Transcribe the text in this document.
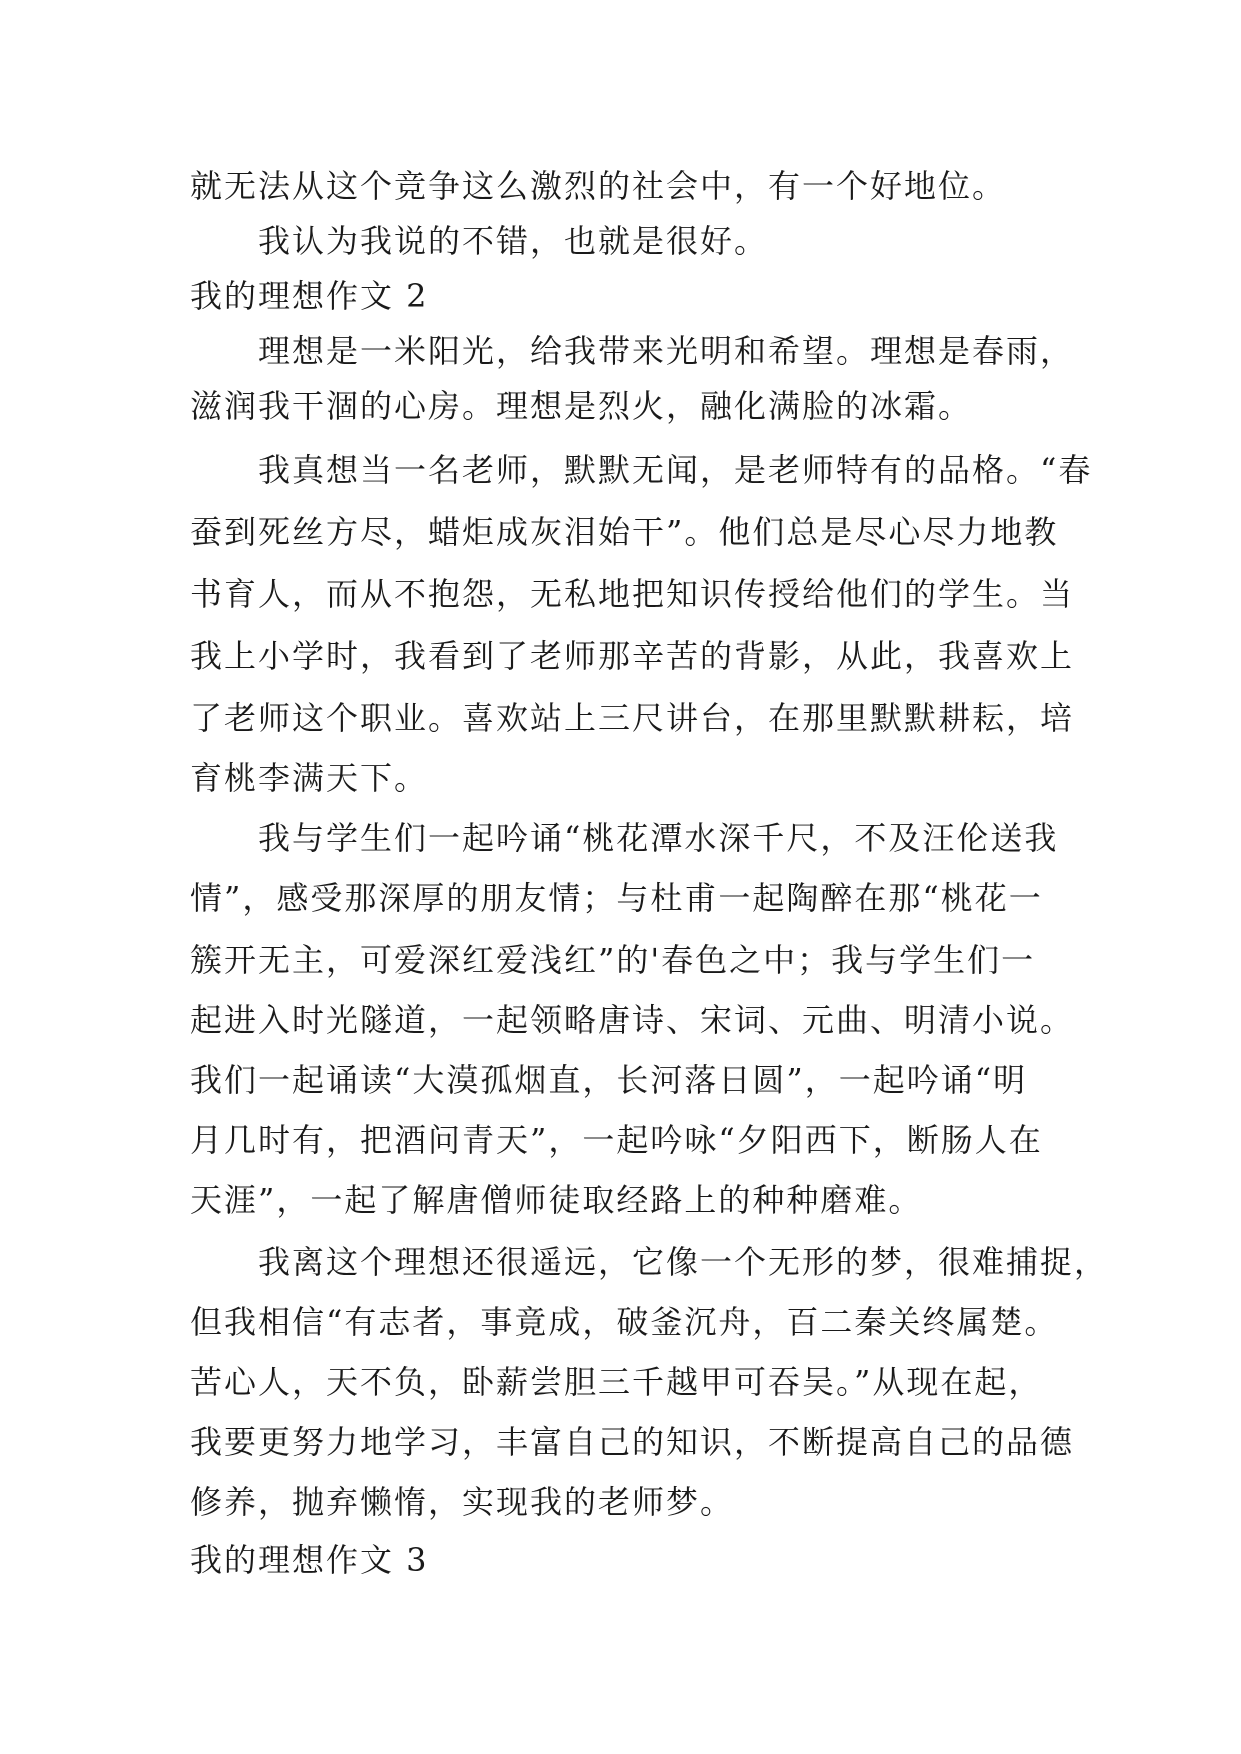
就无法从这个竞争这么激烈的社会中，有一个好地位。
我认为我说的不错，也就是很好。
我的理想作文 2
理想是一米阳光，给我带来光明和希望。理想是春雨，
滋润我干涸的心房。理想是烈火，融化满脸的冰霜。
我真想当一名老师，默默无闻，是老师特有的品格。“春
蚕到死丝方尽，蜡炬成灰泪始干”。他们总是尽心尽力地教
书育人，而从不抱怨，无私地把知识传授给他们的学生。当
我上小学时，我看到了老师那辛苦的背影，从此，我喜欢上
了老师这个职业。喜欢站上三尺讲台，在那里默默耕耘，培
育桃李满天下。
我与学生们一起吟诵“桃花潭水深千尺，不及汪伦送我
情”，感受那深厚的朋友情；与杜甫一起陶醉在那“桃花一
簇开无主，可爱深红爱浅红”的'春色之中；我与学生们一
起进入时光隧道，一起领略唐诗、宋词、元曲、明清小说。
我们一起诵读“大漠孤烟直，长河落日圆”，一起吟诵“明
月几时有，把酒问青天”，一起吟咏“夕阳西下，断肠人在
天涯”，一起了解唐僧师徒取经路上的种种磨难。
我离这个理想还很遥远，它像一个无形的梦，很难捕捉，
但我相信“有志者，事竟成，破釜沉舟，百二秦关终属楚。
苦心人，天不负，卧薪尝胆三千越甲可吞吴。”从现在起，
我要更努力地学习，丰富自己的知识，不断提高自己的品德
修养，抛弃懒惰，实现我的老师梦。
我的理想作文 3
